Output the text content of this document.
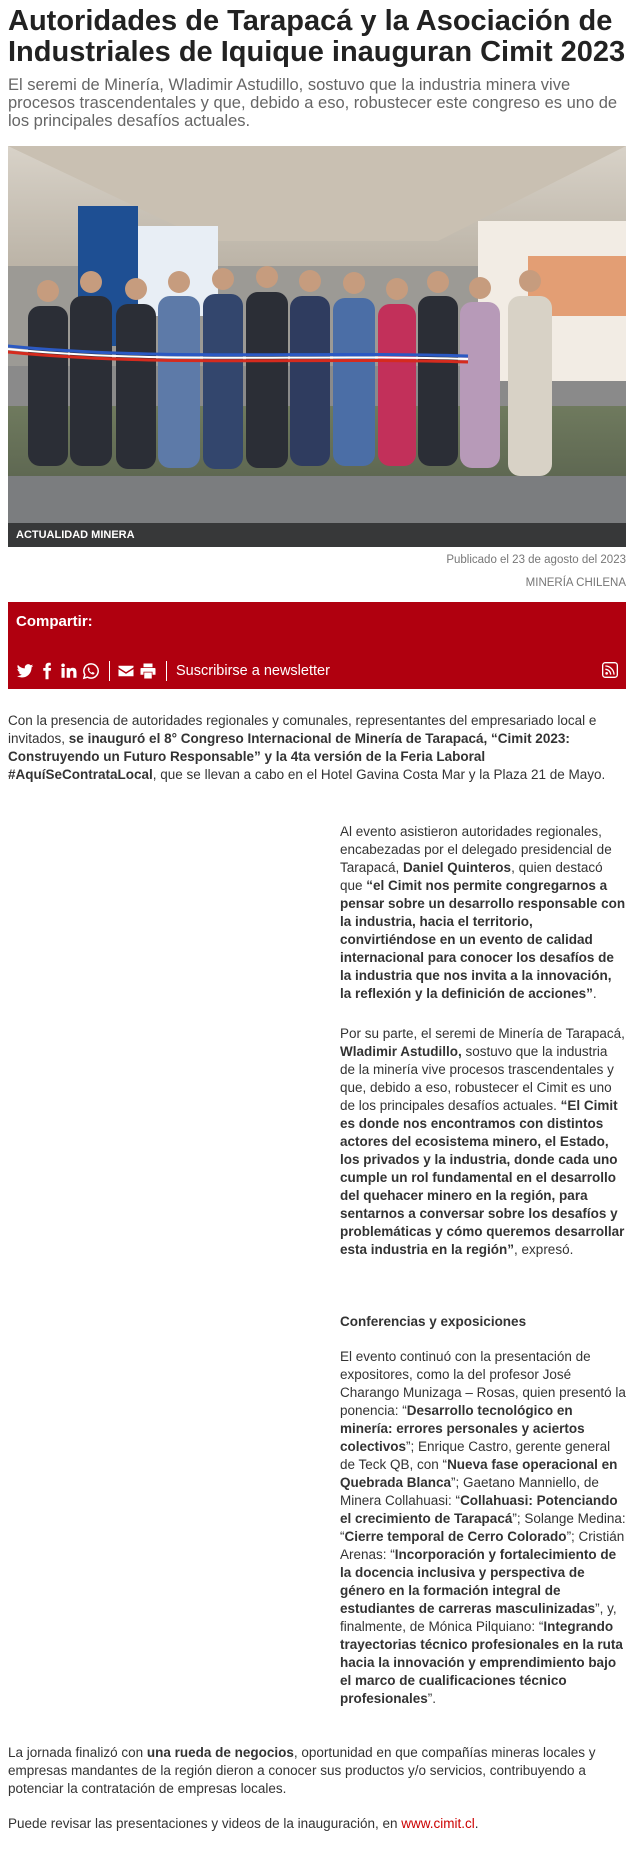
Autoridades de Tarapacá y la Asociación de Industriales de Iquique inauguran Cimit 2023

El seremi de Minería, Wladimir Astudillo, sostuvo que la industria minera vive procesos trascendentales y que, debido a eso, robustecer este congreso es uno de los principales desafíos actuales.

ACTUALIDAD MINERA
Publicado el 23 de agosto del 2023
MINERÍA CHILENA
Compartir:
Suscribirse a newsletter

Con la presencia de autoridades regionales y comunales, representantes del empresariado local e invitados, se inauguró el 8° Congreso Internacional de Minería de Tarapacá, “Cimit 2023: Construyendo un Futuro Responsable” y la 4ta versión de la Feria Laboral #AquíSeContrataLocal, que se llevan a cabo en el Hotel Gavina Costa Mar y la Plaza 21 de Mayo.

Al evento asistieron autoridades regionales, encabezadas por el delegado presidencial de Tarapacá, Daniel Quinteros, quien destacó que “el Cimit nos permite congregarnos a pensar sobre un desarrollo responsable con la industria, hacia el territorio, convirtiéndose en un evento de calidad internacional para conocer los desafíos de la industria que nos invita a la innovación, la reflexión y la definición de acciones”.

Por su parte, el seremi de Minería de Tarapacá, Wladimir Astudillo, sostuvo que la industria de la minería vive procesos trascendentales y que, debido a eso, robustecer el Cimit es uno de los principales desafíos actuales. “El Cimit es donde nos encontramos con distintos actores del ecosistema minero, el Estado, los privados y la industria, donde cada uno cumple un rol fundamental en el desarrollo del quehacer minero en la región, para sentarnos a conversar sobre los desafíos y problemáticas y cómo queremos desarrollar esta industria en la región”, expresó.

Conferencias y exposiciones

El evento continuó con la presentación de expositores, como la del profesor José Charango Munizaga – Rosas, quien presentó la ponencia: “Desarrollo tecnológico en minería: errores personales y aciertos colectivos”; Enrique Castro, gerente general de Teck QB, con “Nueva fase operacional en Quebrada Blanca”; Gaetano Manniello, de Minera Collahuasi: “Collahuasi: Potenciando el crecimiento de Tarapacá”; Solange Medina: “Cierre temporal de Cerro Colorado”; Cristián Arenas: “Incorporación y fortalecimiento de la docencia inclusiva y perspectiva de género en la formación integral de estudiantes de carreras masculinizadas”, y, finalmente, de Mónica Pilquiano: “Integrando trayectorias técnico profesionales en la ruta hacia la innovación y emprendimiento bajo el marco de cualificaciones técnico profesionales”.

La jornada finalizó con una rueda de negocios, oportunidad en que compañías mineras locales y empresas mandantes de la región dieron a conocer sus productos y/o servicios, contribuyendo a potenciar la contratación de empresas locales.

Puede revisar las presentaciones y videos de la inauguración, en www.cimit.cl.
